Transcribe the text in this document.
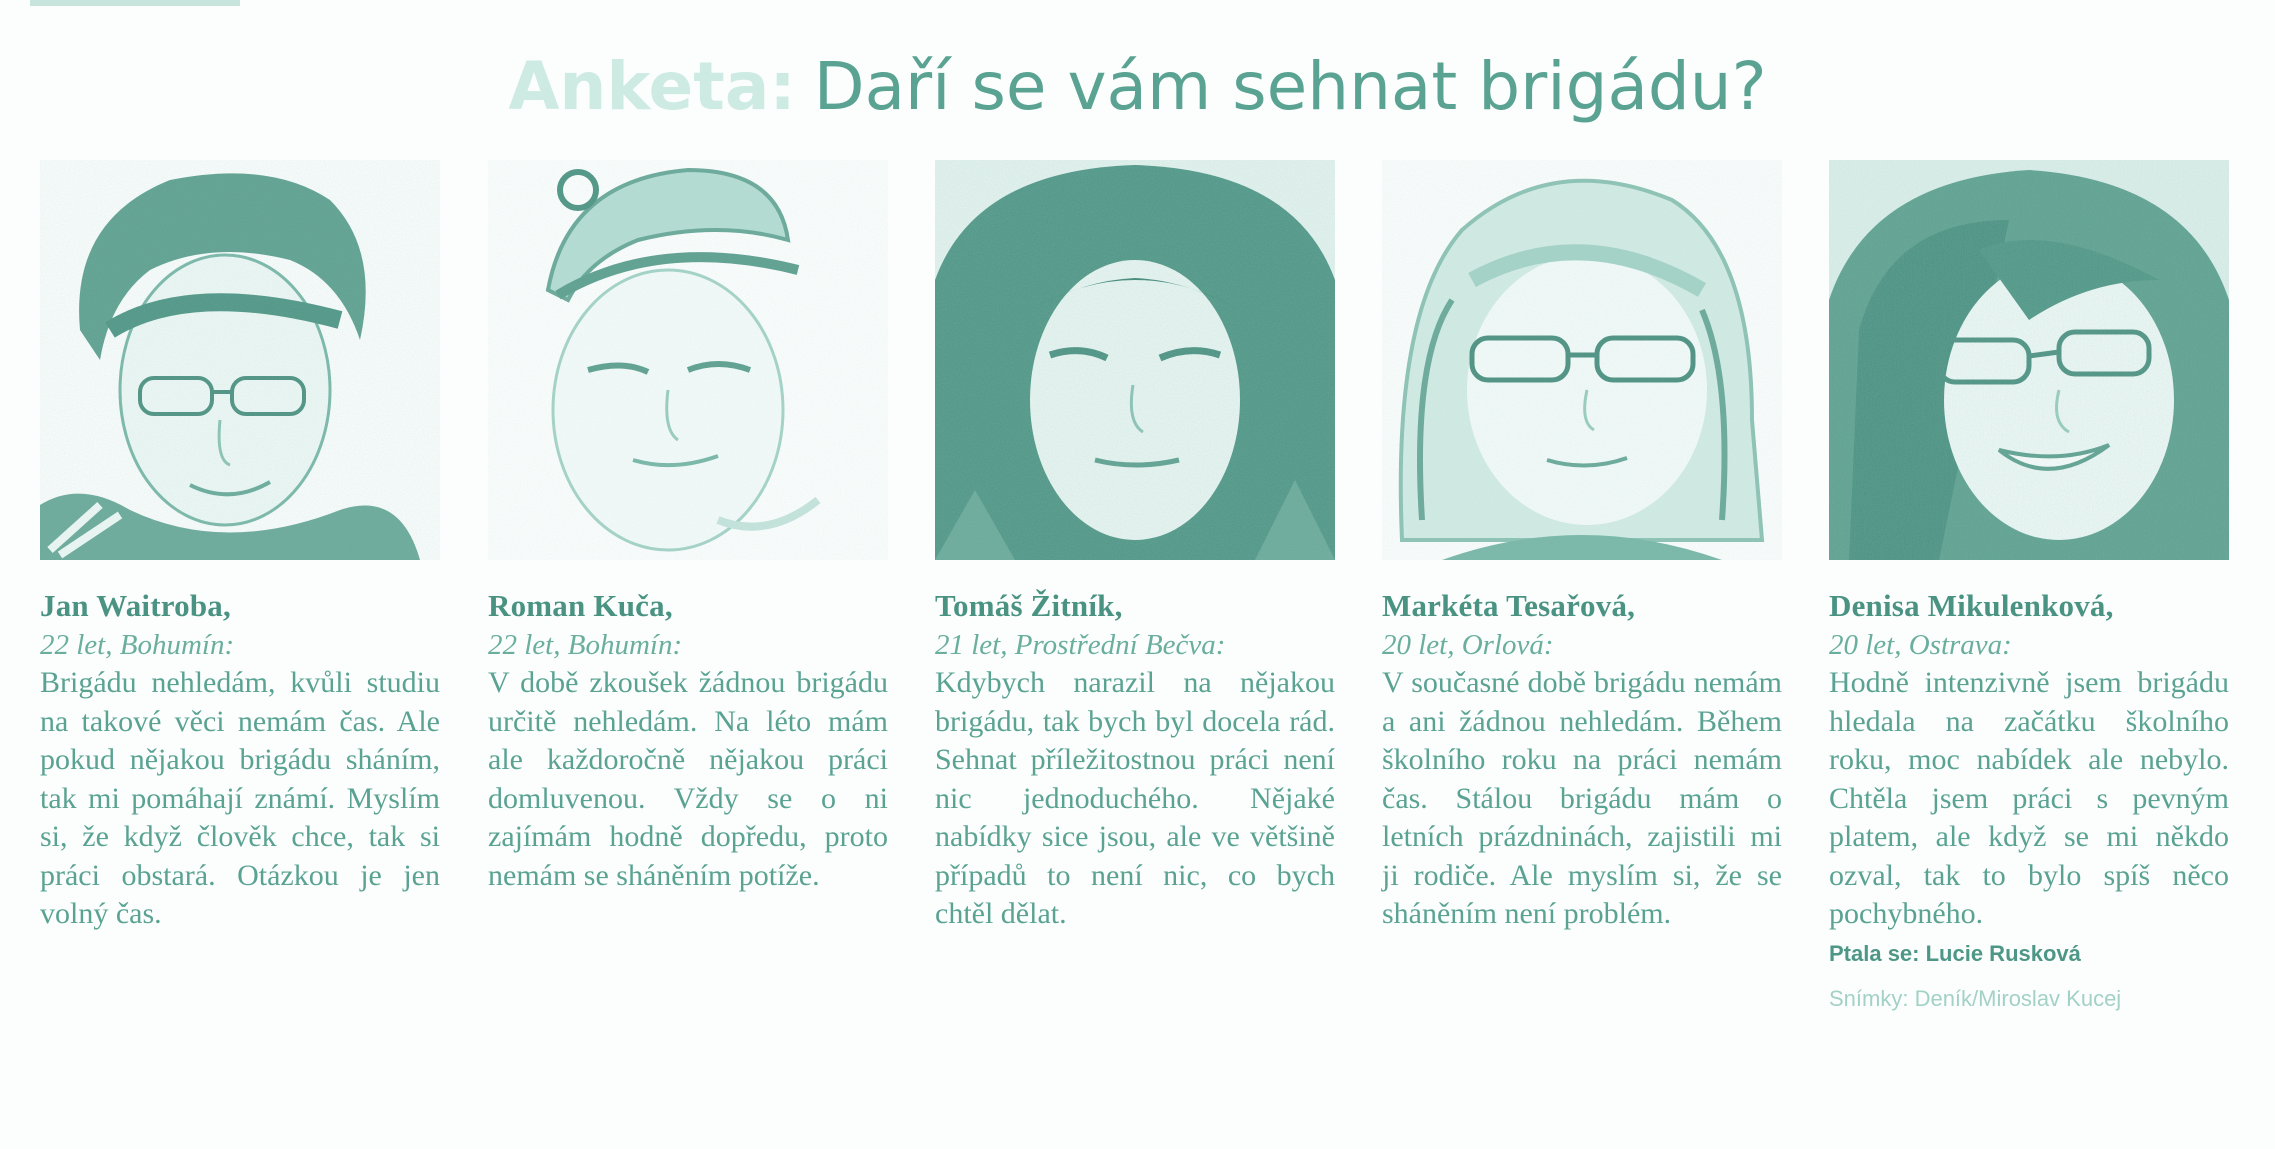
Anketa: Daří se vám sehnat brigádu?
Jan Waitroba,
22 let, Bohumín:
Brigádu nehledám, kvůli studiu na takové věci nemám čas. Ale pokud nějakou brigádu sháním, tak mi pomáhají známí. Myslím si, že když člověk chce, tak si práci obstará. Otázkou je jen volný čas.
Roman Kuča,
22 let, Bohumín:
V době zkoušek žádnou brigádu určitě nehledám. Na léto mám ale každoročně nějakou práci domluvenou. Vždy se o ni zajímám hodně dopředu, proto nemám se sháněním potíže.
Tomáš Žitník,
21 let, Prostřední Bečva:
Kdybych narazil na nějakou brigádu, tak bych byl docela rád. Sehnat příležitostnou práci není nic jednoduchého. Nějaké nabídky sice jsou, ale ve většině případů to není nic, co bych chtěl dělat.
Markéta Tesařová,
20 let, Orlová:
V současné době brigádu nemám a ani žádnou nehledám. Během školního roku na práci nemám čas. Stálou brigádu mám o letních prázdninách, zajistili mi ji rodiče. Ale myslím si, že se sháněním není problém.
Denisa Mikulenková,
20 let, Ostrava:
Hodně intenzivně jsem brigádu hledala na začátku školního roku, moc nabídek ale nebylo. Chtěla jsem práci s pevným platem, ale když se mi někdo ozval, tak to bylo spíš něco pochybného.
Ptala se: Lucie Rusková
Snímky: Deník/Miroslav Kucej
